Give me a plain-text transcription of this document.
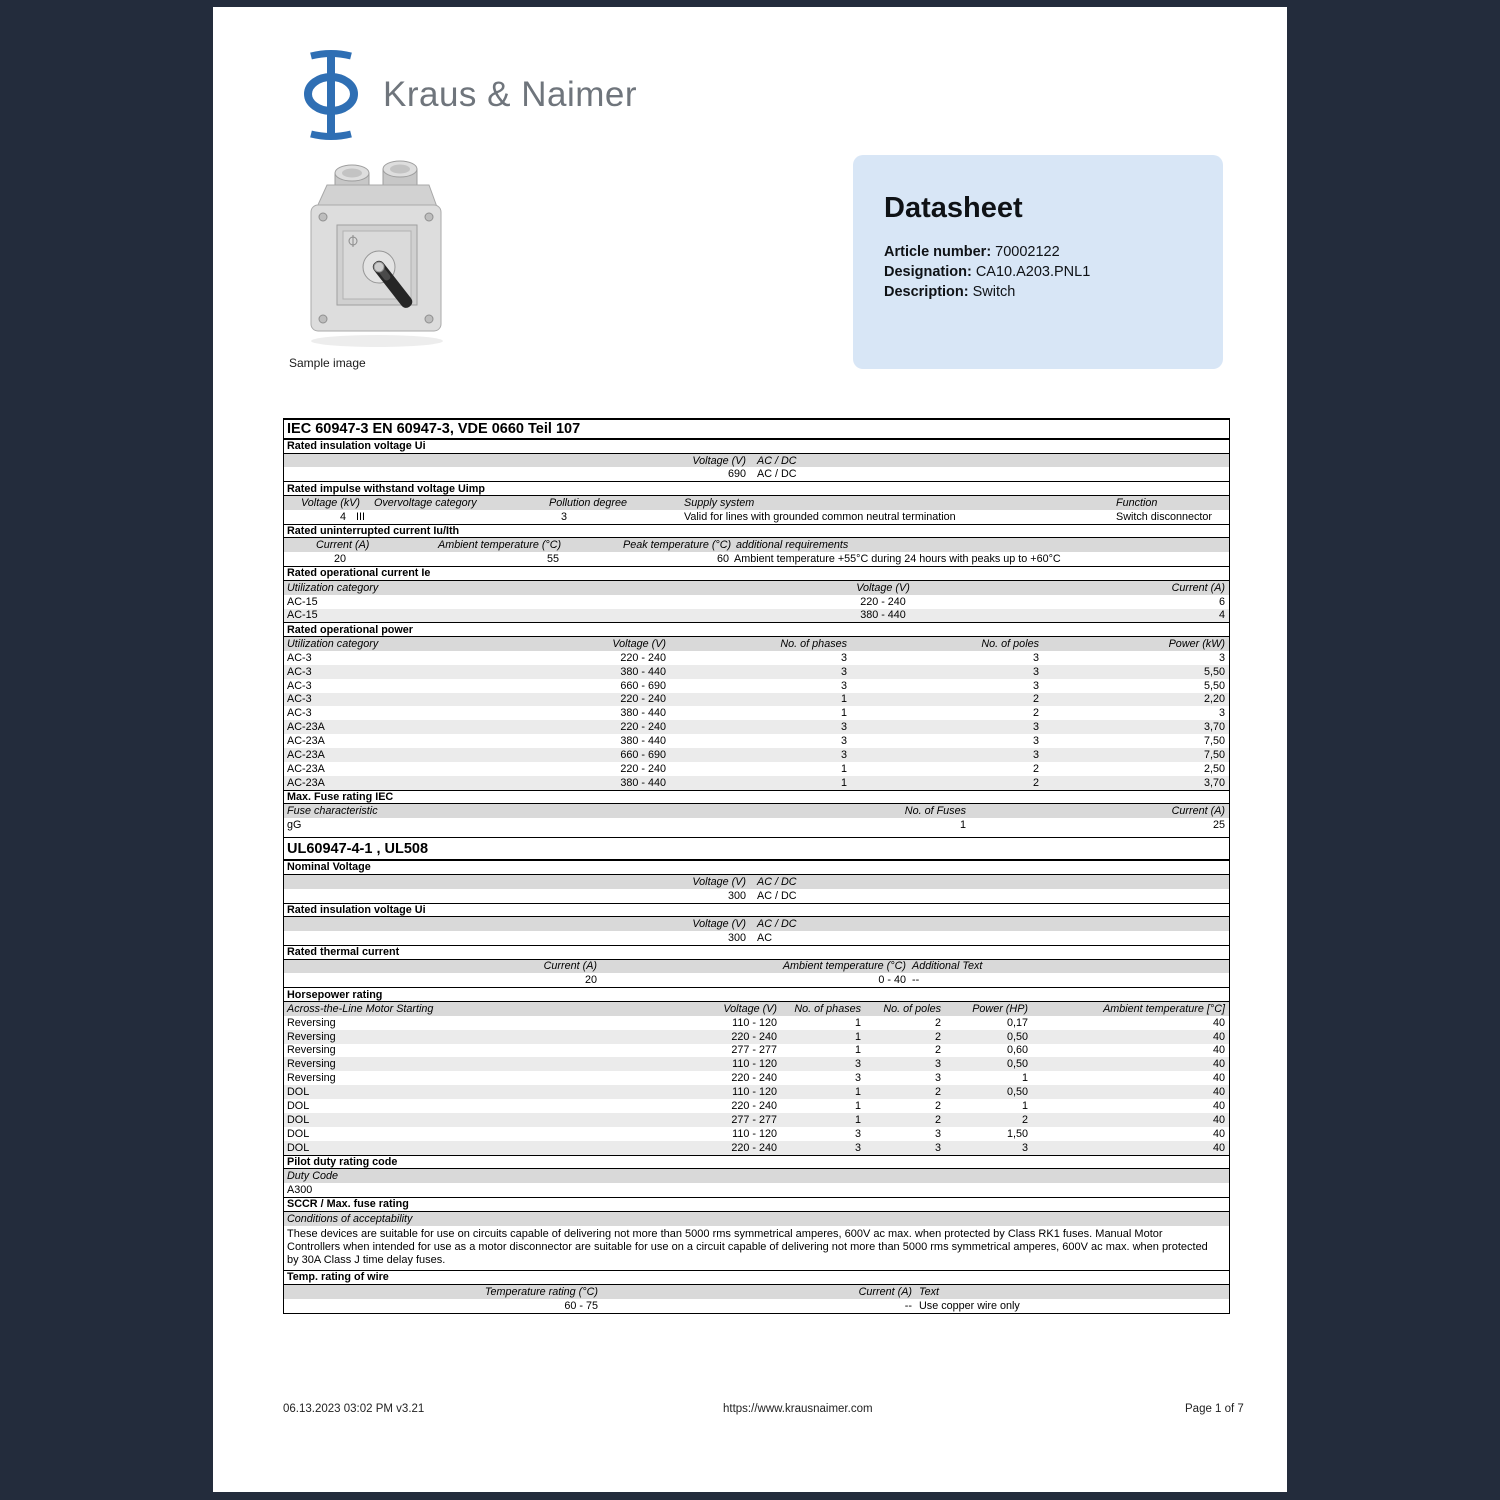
Kraus & Naimer
Sample image
Datasheet
Article number: 70002122
Designation: CA10.A203.PNL1
Description: Switch
IEC 60947-3 EN 60947-3, VDE 0660 Teil 107
Rated insulation voltage Ui
Voltage (V) AC / DC
690 AC / DC
Rated impulse withstand voltage Uimp
Voltage (kV) Overvoltage category	Pollution degree	Supply system	Function
4 III	3	Valid for lines with grounded common neutral termination	Switch disconnector
Rated uninterrupted current Iu/Ith
Current (A)	Ambient temperature (°C)	Peak temperature (°C) additional requirements
20	55	60 Ambient temperature +55°C during 24 hours with peaks up to +60°C
Rated operational current Ie
Utilization category	Voltage (V)	Current (A)
AC-15	220 - 240	6
AC-15	380 - 440	4
Rated operational power
Utilization category	Voltage (V)	No. of phases	No. of poles	Power (kW)
AC-3	220 - 240	3	3	3
AC-3	380 - 440	3	3	5,50
AC-3	660 - 690	3	3	5,50
AC-3	220 - 240	1	2	2,20
AC-3	380 - 440	1	2	3
AC-23A	220 - 240	3	3	3,70
AC-23A	380 - 440	3	3	7,50
AC-23A	660 - 690	3	3	7,50
AC-23A	220 - 240	1	2	2,50
AC-23A	380 - 440	1	2	3,70
Max. Fuse rating IEC
Fuse characteristic	No. of Fuses	Current (A)
gG	1	25
UL60947-4-1 , UL508
Nominal Voltage
Voltage (V) AC / DC
300 AC / DC
Rated insulation voltage Ui
Voltage (V) AC / DC
300 AC
Rated thermal current
Current (A)	Ambient temperature (°C) Additional Text
20	0 - 40 --
Horsepower rating
Across-the-Line Motor Starting	Voltage (V) No. of phases No. of poles	Power (HP)	Ambient temperature [°C]
Reversing	110 - 120	1	2	0,17	40
Reversing	220 - 240	1	2	0,50	40
Reversing	277 - 277	1	2	0,60	40
Reversing	110 - 120	3	3	0,50	40
Reversing	220 - 240	3	3	1	40
DOL	110 - 120	1	2	0,50	40
DOL	220 - 240	1	2	1	40
DOL	277 - 277	1	2	2	40
DOL	110 - 120	3	3	1,50	40
DOL	220 - 240	3	3	3	40
Pilot duty rating code
Duty Code
A300
SCCR / Max. fuse rating
Conditions of acceptability
These devices are suitable for use on circuits capable of delivering not more than 5000 rms symmetrical amperes, 600V ac max. when protected by Class RK1 fuses. Manual Motor Controllers when intended for use as a motor disconnector are suitable for use on a circuit capable of delivering not more than 5000 rms symmetrical amperes, 600V ac max. when protected by 30A Class J time delay fuses.
Temp. rating of wire
Temperature rating (°C)	Current (A) Text
60 - 75	-- Use copper wire only
06.13.2023 03:02 PM v3.21	https://www.krausnaimer.com	Page 1 of 7
